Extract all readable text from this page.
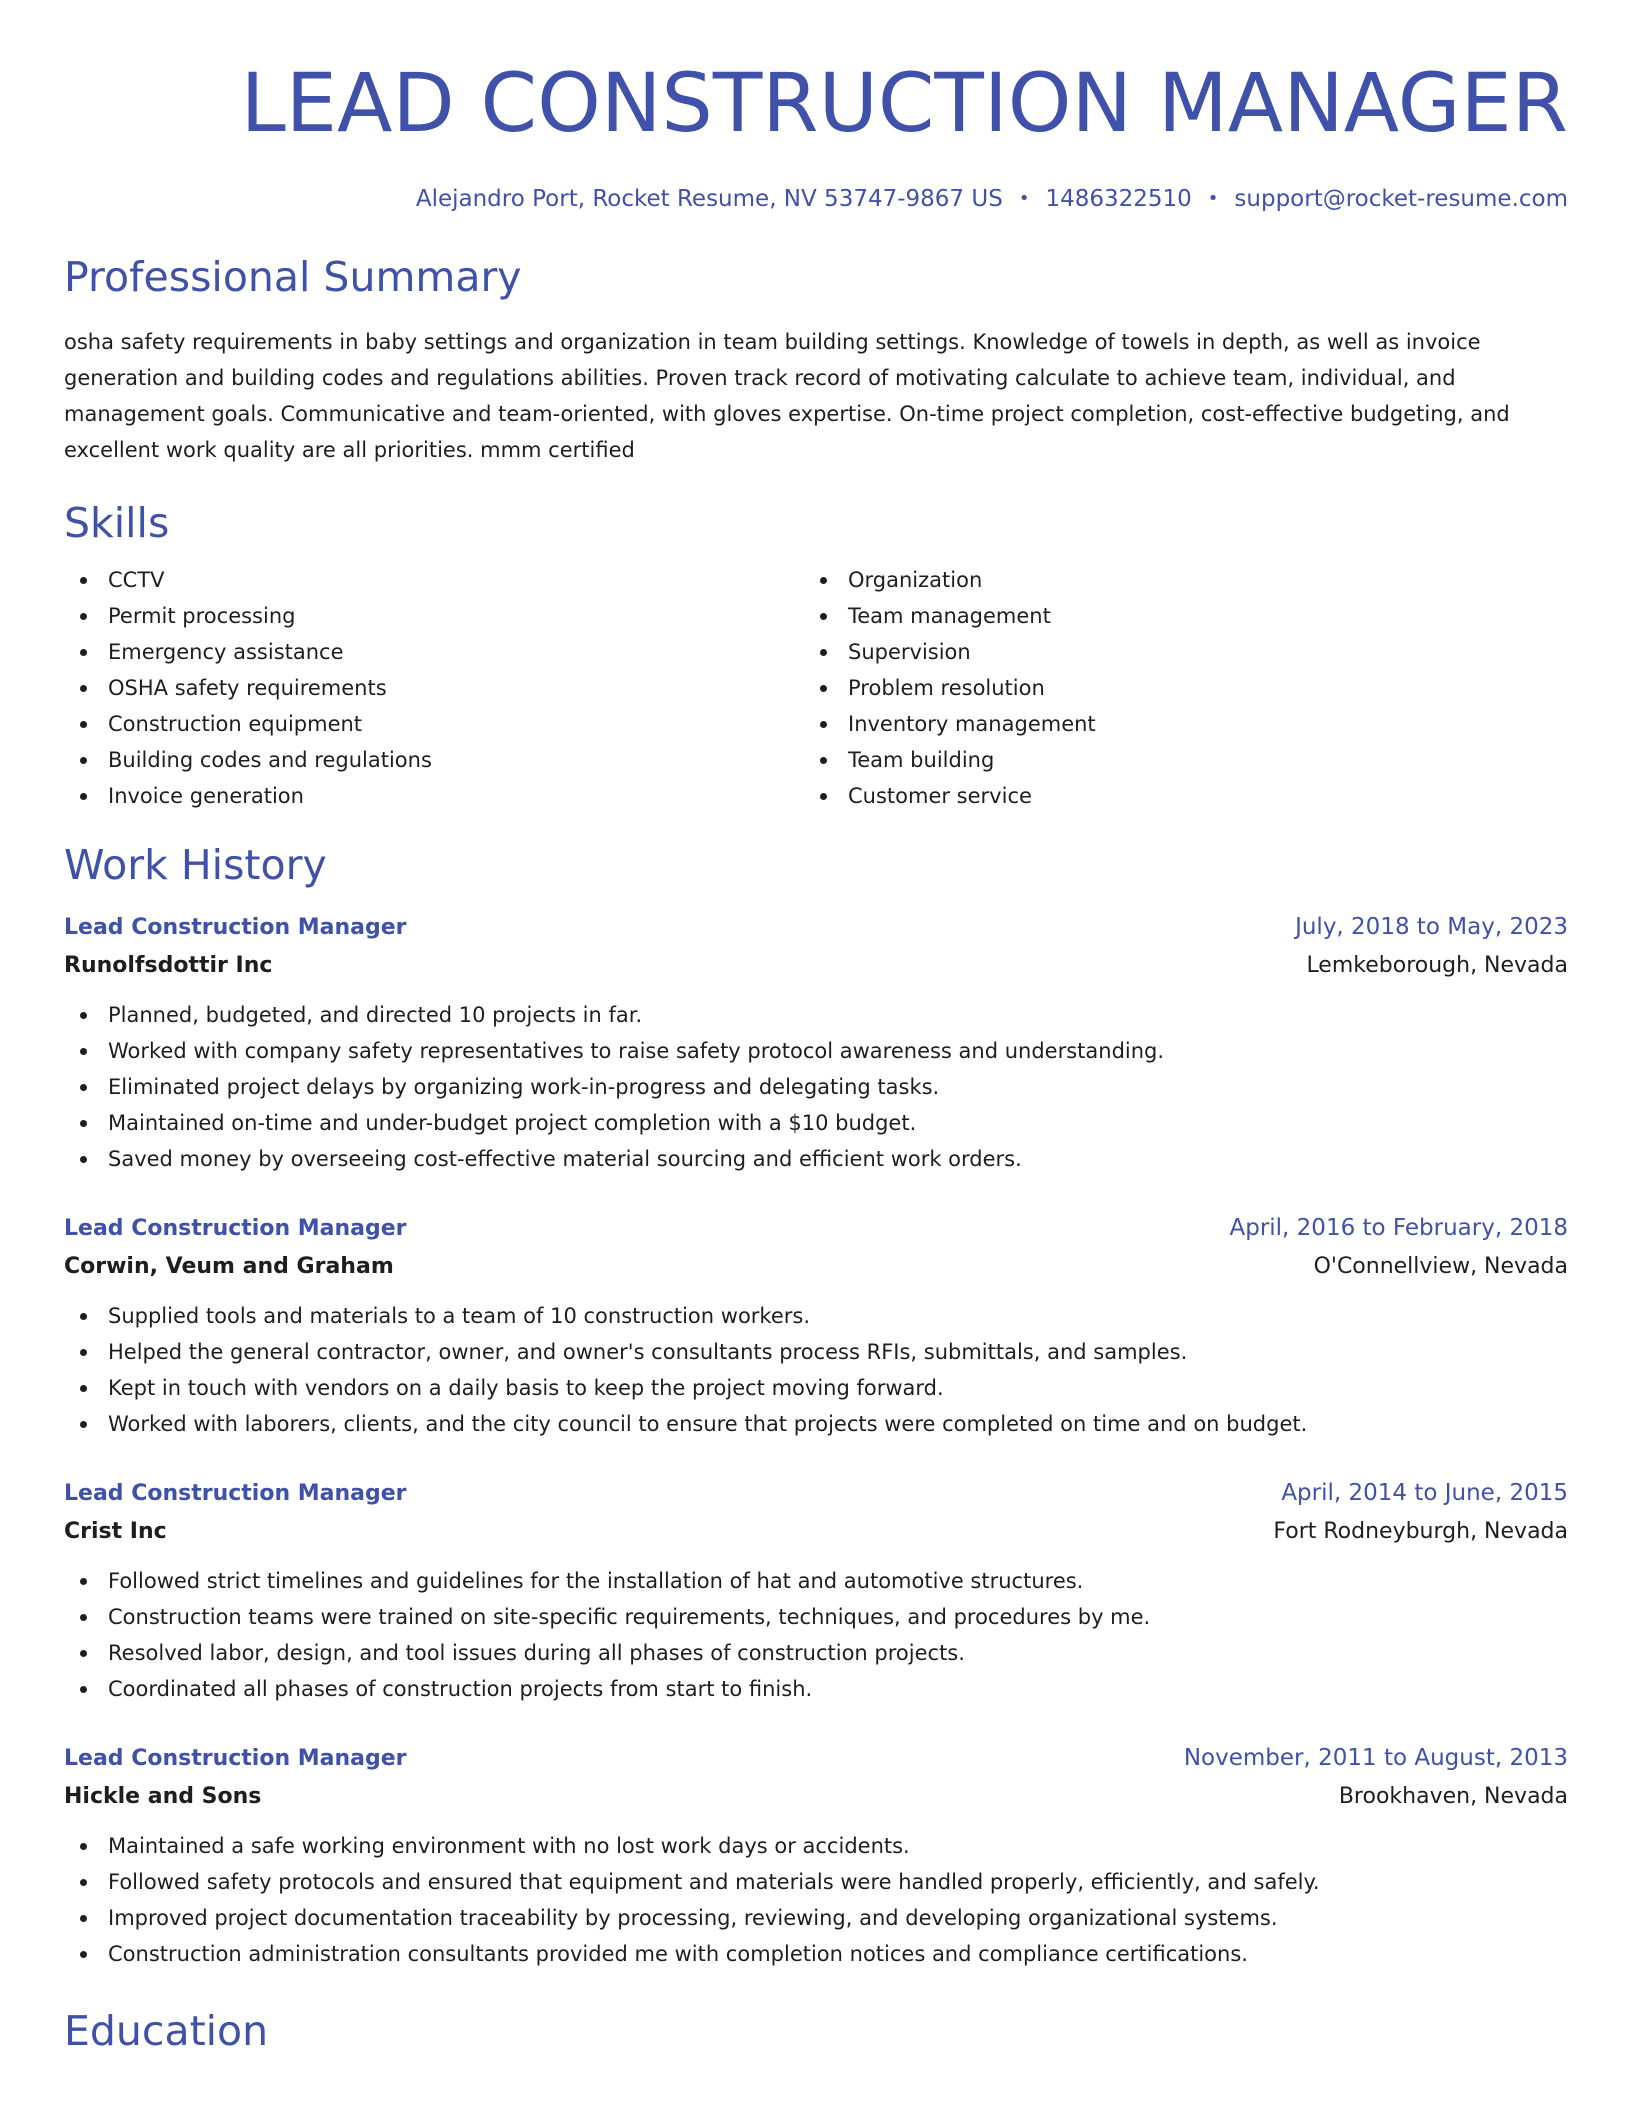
LEAD CONSTRUCTION MANAGER
Alejandro Port, Rocket Resume, NV 53747-9867 US • 1486322510 • support@rocket-resume.com
Professional Summary

osha safety requirements in baby settings and organization in team building settings. Knowledge of towels in depth, as well as invoice generation and building codes and regulations abilities. Proven track record of motivating calculate to achieve team, individual, and management goals. Communicative and team-oriented, with gloves expertise. On-time project completion, cost-effective budgeting, and excellent work quality are all priorities. mmm certified

Skills
CCTV
Permit processing
Emergency assistance
OSHA safety requirements
Construction equipment
Building codes and regulations
Invoice generation
Organization
Team management
Supervision
Problem resolution
Inventory management
Team building
Customer service
Work History
Lead Construction Manager	July, 2018 to May, 2023
Runolfsdottir Inc	Lemkeborough, Nevada
Planned, budgeted, and directed 10 projects in far.
Worked with company safety representatives to raise safety protocol awareness and understanding.
Eliminated project delays by organizing work-in-progress and delegating tasks.
Maintained on-time and under-budget project completion with a $10 budget.
Saved money by overseeing cost-effective material sourcing and efficient work orders.
Lead Construction Manager	April, 2016 to February, 2018
Corwin, Veum and Graham	O'Connellview, Nevada
Supplied tools and materials to a team of 10 construction workers.
Helped the general contractor, owner, and owner's consultants process RFIs, submittals, and samples.
Kept in touch with vendors on a daily basis to keep the project moving forward.
Worked with laborers, clients, and the city council to ensure that projects were completed on time and on budget.
Lead Construction Manager	April, 2014 to June, 2015
Crist Inc	Fort Rodneyburgh, Nevada
Followed strict timelines and guidelines for the installation of hat and automotive structures.
Construction teams were trained on site-specific requirements, techniques, and procedures by me.
Resolved labor, design, and tool issues during all phases of construction projects.
Coordinated all phases of construction projects from start to finish.
Lead Construction Manager	November, 2011 to August, 2013
Hickle and Sons	Brookhaven, Nevada
Maintained a safe working environment with no lost work days or accidents.
Followed safety protocols and ensured that equipment and materials were handled properly, efficiently, and safely.
Improved project documentation traceability by processing, reviewing, and developing organizational systems.
Construction administration consultants provided me with completion notices and compliance certifications.
Education
